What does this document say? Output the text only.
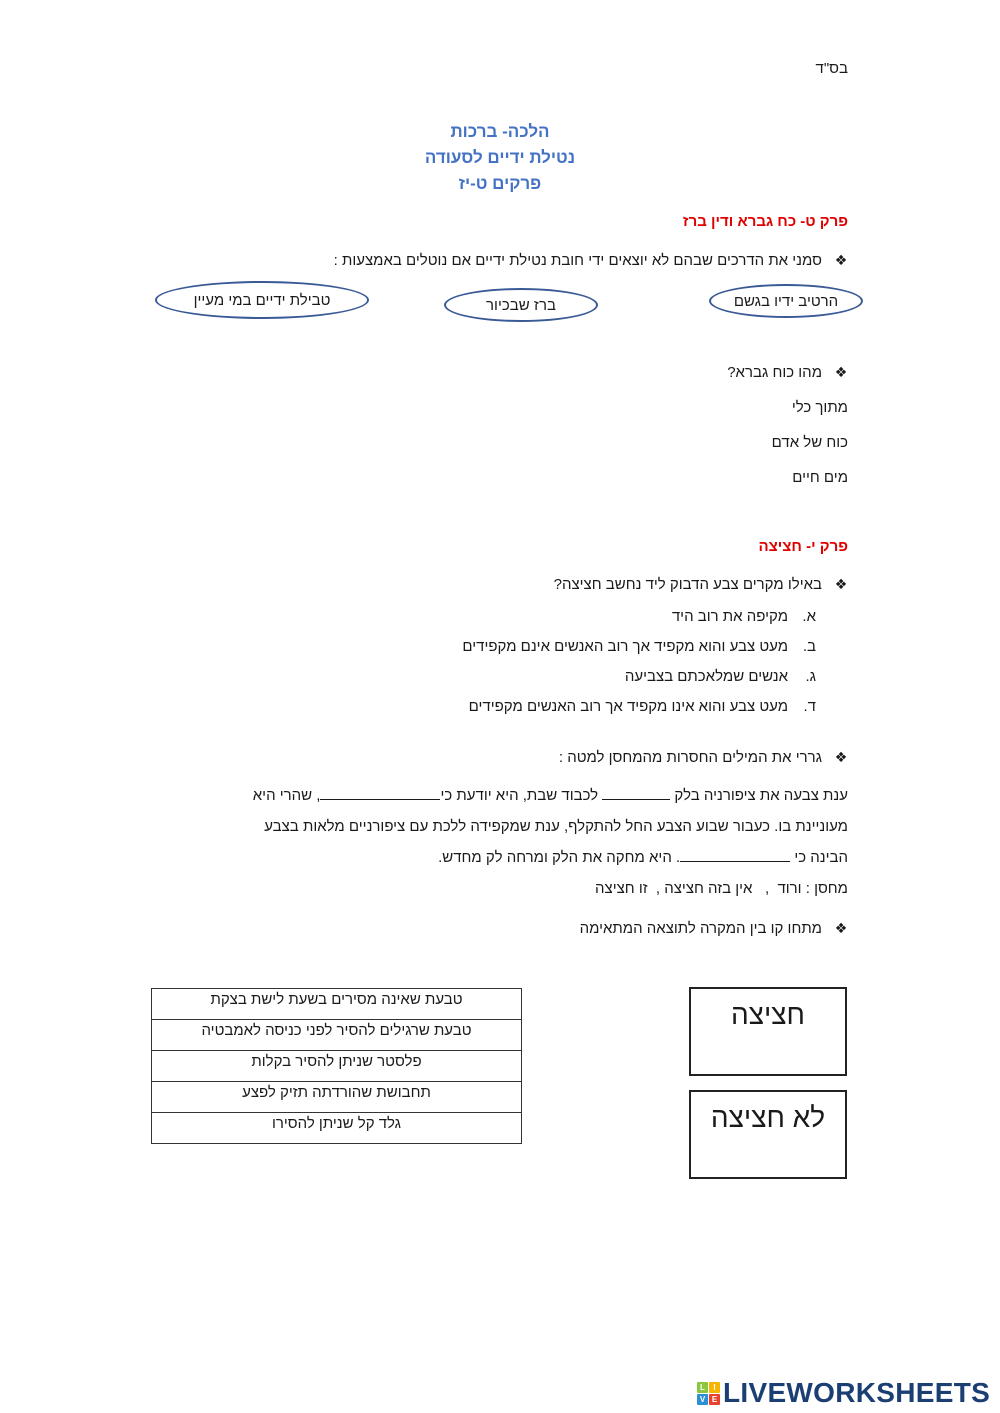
בס"ד
הלכה- ברכות
נטילת ידיים לסעודה
פרקים ט-יז
פרק ט- כח גברא ודין ברז
❖
סמני את הדרכים שבהם לא יוצאים ידי חובת נטילת ידיים אם נוטלים באמצעות :
הרטיב ידיו בגשם
ברז שבכיור
טבילת ידיים במי מעיין
❖
מהו כוח גברא?
מתוך כלי
כוח של אדם
מים חיים
פרק י- חציצה
❖
באילו מקרים צבע הדבוק ליד נחשב חציצה?
א.
מקיפה את רוב היד
ב.
מעט צבע והוא מקפיד אך רוב האנשים אינם מקפידים
ג.
אנשים שמלאכתם בצביעה
ד.
מעט צבע והוא אינו מקפיד אך רוב האנשים מקפידים
❖
גררי את המילים החסרות מהמחסן למטה :
ענת צבעה את ציפורניה בלק  לכבוד שבת, היא יודעת כי, שהרי היא
מעוניינת בו. כעבור שבוע הצבע החל להתקלף, ענת שמקפידה ללכת עם ציפורניים מלאות בצבע
הבינה כי . היא מחקה את הלק ומרחה לק מחדש.
מחסן : ורוד  ,   אין בזה חציצה ,  זו חציצה
❖
מתחו קו בין המקרה לתוצאה המתאימה
טבעת שאינה מסירים בשעת לישת בצקת
טבעת שרגילים להסיר לפני כניסה לאמבטיה
פלסטר שניתן להסיר בקלות
תחבושת שהורדתה תזיק לפצע
גלד קל שניתן להסירו
חציצה
לא חציצה
L	I
V E LIVEWORKSHEETS
